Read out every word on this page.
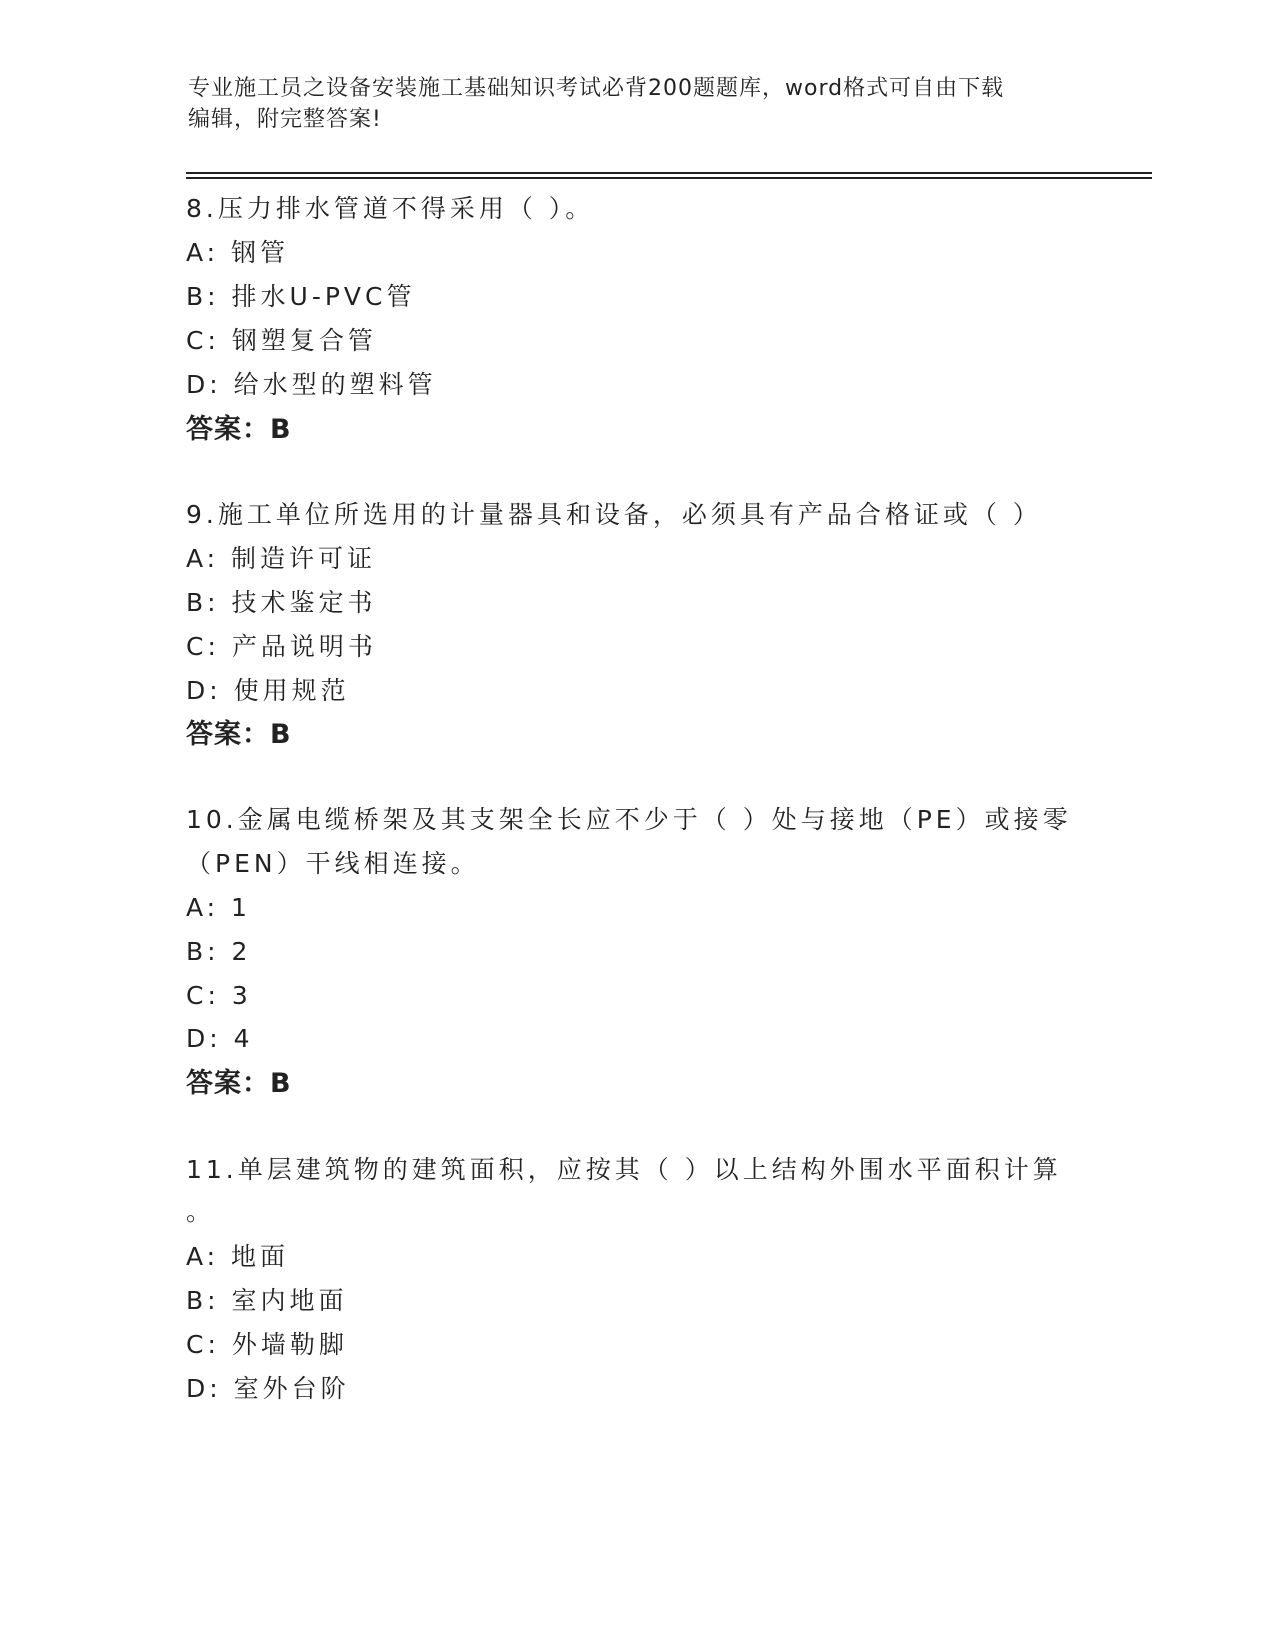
专业施工员之设备安装施工基础知识考试必背200题题库，word格式可自由下载
编辑，附完整答案!
8.压力排水管道不得采用（ ）。
A: 钢管
B: 排水U-PVC管
C: 钢塑复合管
D: 给水型的塑料管
答案：B
9.施工单位所选用的计量器具和设备，必须具有产品合格证或（ ）
A: 制造许可证
B: 技术鉴定书
C: 产品说明书
D: 使用规范
答案：B
10.金属电缆桥架及其支架全长应不少于（ ）处与接地（PE）或接零
（PEN）干线相连接。
A: 1
B: 2
C: 3
D: 4
答案：B
11.单层建筑物的建筑面积，应按其（ ）以上结构外围水平面积计算
。
A: 地面
B: 室内地面
C: 外墙勒脚
D: 室外台阶
